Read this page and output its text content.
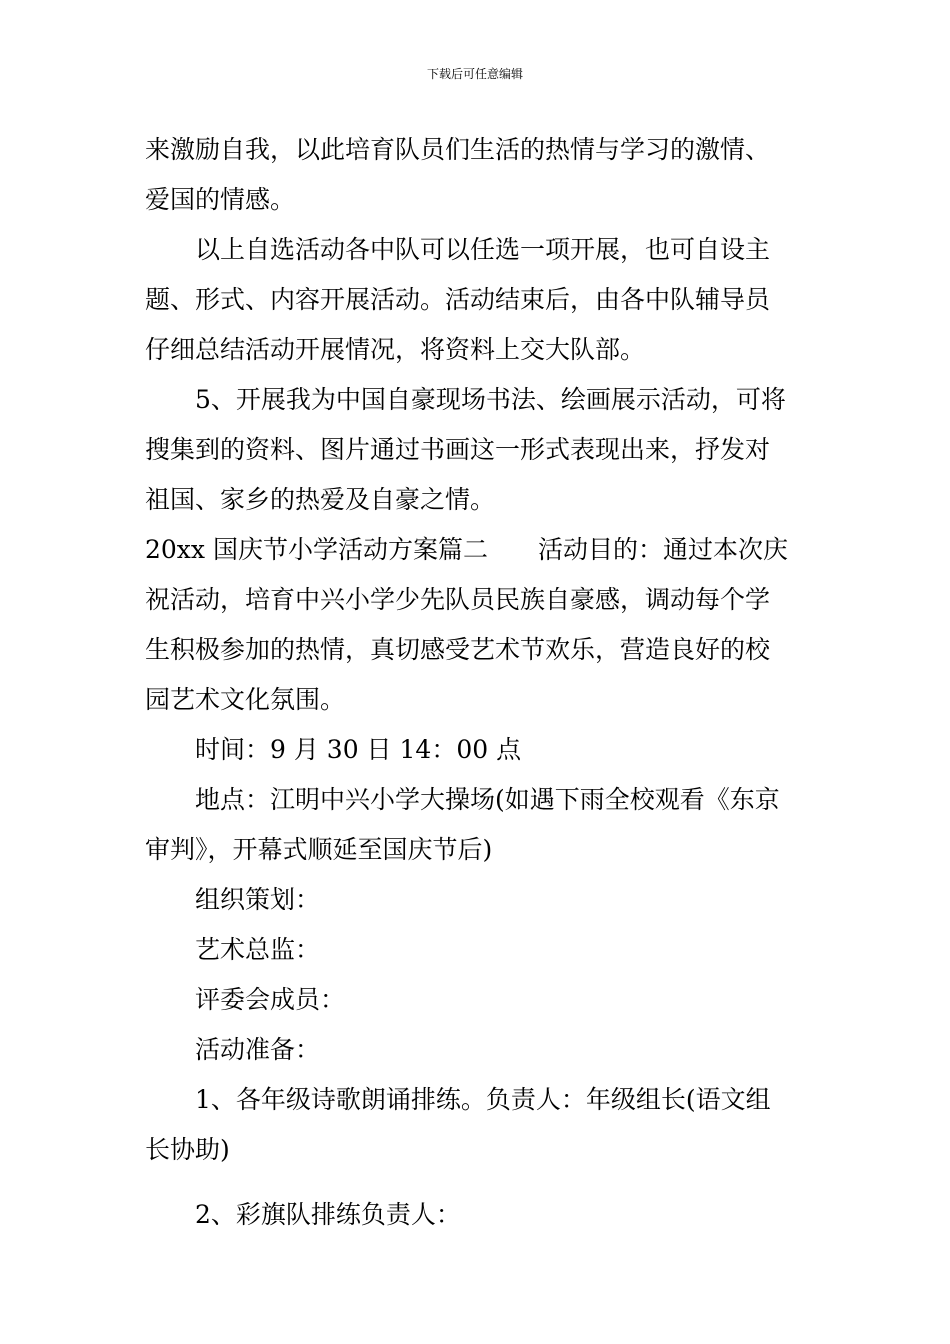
下载后可任意编辑
来激励自我，以此培育队员们生活的热情与学习的激情、
爱国的情感。
以上自选活动各中队可以任选一项开展，也可自设主
题、形式、内容开展活动。活动结束后，由各中队辅导员
仔细总结活动开展情况，将资料上交大队部。
5、开展我为中国自豪现场书法、绘画展示活动，可将
搜集到的资料、图片通过书画这一形式表现出来，抒发对
祖国、家乡的热爱及自豪之情。
20xx 国庆节小学活动方案篇二　　活动目的：通过本次庆
祝活动，培育中兴小学少先队员民族自豪感，调动每个学
生积极参加的热情，真切感受艺术节欢乐，营造良好的校
园艺术文化氛围。
时间：9 月 30 日 14：00 点
地点：江明中兴小学大操场(如遇下雨全校观看《东京
审判》，开幕式顺延至国庆节后)
组织策划：
艺术总监：
评委会成员：
活动准备：
1、各年级诗歌朗诵排练。负责人：年级组长(语文组
长协助)
2、彩旗队排练负责人：
